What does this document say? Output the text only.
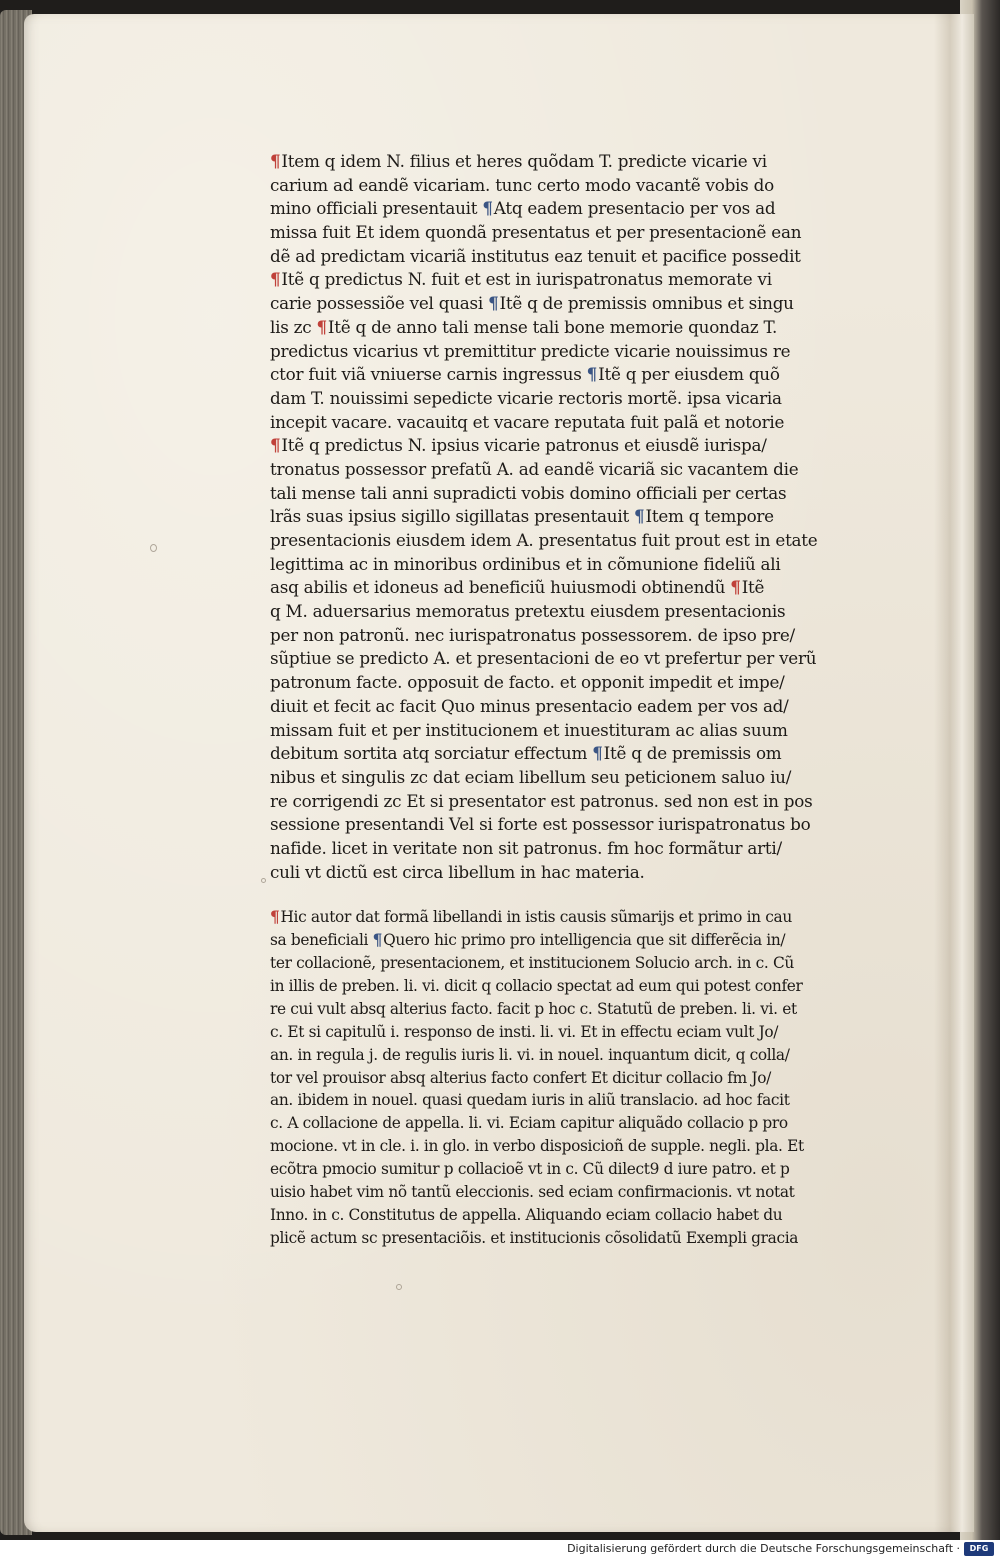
¶Item q idem N. filius et heres quõdam T. predicte vicarie vi
carium ad eandẽ vicariam. tunc certo modo vacantẽ vobis do
mino officiali presentauit ¶Atq eadem presentacio per vos ad
missa fuit Et idem quondã presentatus et per presentacionẽ ean
dẽ ad predictam vicariã institutus eaz tenuit et pacifice possedit
¶Itẽ q predictus N. fuit et est in iurispatronatus memorate vi
carie possessiõe vel quasi ¶Itẽ q de premissis omnibus et singu
lis zc ¶Itẽ q de anno tali mense tali bone memorie quondaz T.
predictus vicarius vt premittitur predicte vicarie nouissimus re
ctor fuit viã vniuerse carnis ingressus ¶Itẽ q per eiusdem quõ
dam T. nouissimi sepedicte vicarie rectoris mortẽ. ipsa vicaria
incepit vacare. vacauitq et vacare reputata fuit palã et notorie
¶Itẽ q predictus N. ipsius vicarie patronus et eiusdẽ iurispa/
tronatus possessor prefatũ A. ad eandẽ vicariã sic vacantem die
tali mense tali anni supradicti vobis domino officiali per certas
lrãs suas ipsius sigillo sigillatas presentauit ¶Item q tempore
presentacionis eiusdem idem A. presentatus fuit prout est in etate
legittima ac in minoribus ordinibus et in cõmunione fideliũ ali
asq abilis et idoneus ad beneficiũ huiusmodi obtinendũ ¶Itẽ
q M. aduersarius memoratus pretextu eiusdem presentacionis
per non patronũ. nec iurispatronatus possessorem. de ipso pre/
sũptiue se predicto A. et presentacioni de eo vt prefertur per verũ
patronum facte. opposuit de facto. et opponit impedit et impe/
diuit et fecit ac facit Quo minus presentacio eadem per vos ad/
missam fuit et per institucionem et inuestituram ac alias suum
debitum sortita atq sorciatur effectum ¶Itẽ q de premissis om
nibus et singulis zc dat eciam libellum seu peticionem saluo iu/
re corrigendi zc Et si presentator est patronus. sed non est in pos
sessione presentandi Vel si forte est possessor iurispatronatus bo
nafide. licet in veritate non sit patronus. fm hoc formãtur arti/
culi vt dictũ est circa libellum in hac materia.
¶Hic autor dat formã libellandi in istis causis sũmarijs et primo in cau
sa beneficiali ¶Quero hic primo pro intelligencia que sit differẽcia in/
ter collacionẽ, presentacionem, et institucionem Solucio arch. in c. Cũ
in illis de preben. li. vi. dicit q collacio spectat ad eum qui potest confer
re cui vult absq alterius facto. facit p hoc c. Statutũ de preben. li. vi. et
c. Et si capitulũ i. responso de insti. li. vi. Et in effectu eciam vult Jo/
an. in regula j. de regulis iuris li. vi. in nouel. inquantum dicit, q colla/
tor vel prouisor absq alterius facto confert Et dicitur collacio fm Jo/
an. ibidem in nouel. quasi quedam iuris in aliũ translacio. ad hoc facit
c. A collacione de appella. li. vi. Eciam capitur aliquãdo collacio p pro
mocione. vt in cle. i. in glo. in verbo disposicioñ de supple. negli. pla. Et
ecõtra pmocio sumitur p collacioẽ vt in c. Cũ dilect9 d iure patro. et p
uisio habet vim nõ tantũ eleccionis. sed eciam confirmacionis. vt notat
Inno. in c. Constitutus de appella. Aliquando eciam collacio habet du
plicẽ actum sc presentaciõis. et institucionis cõsolidatũ Exempli gracia
Digitalisierung gefördert durch die Deutsche Forschungsgemeinschaft ·	DFG
